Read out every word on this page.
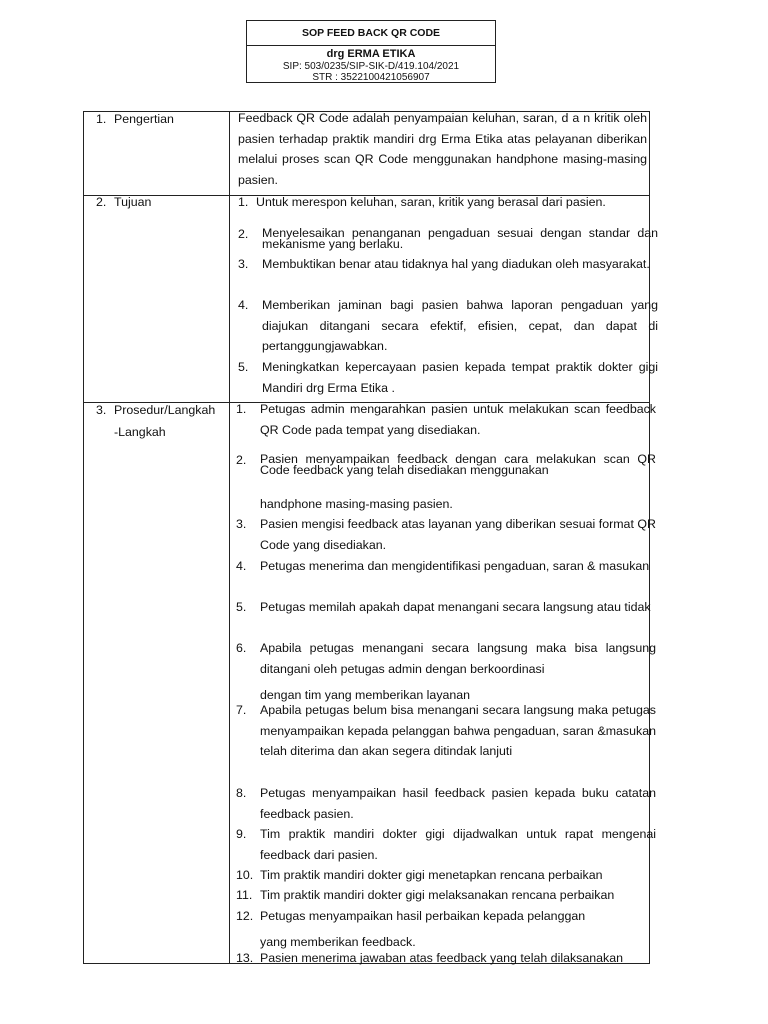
SOP FEED BACK QR CODE
drg ERMA ETIKA
SIP: 503/0235/SIP-SIK-D/419.104/2021
STR : 3522100421056907
1. Pengertian	Feedback QR Code adalah penyampaian keluhan, saran, d a n kritik oleh pasien terhadap praktik mandiri drg Erma Etika atas pelayanan diberikan melalui proses scan QR Code menggunakan handphone masing-masing pasien.
2. Tujuan	1. Untuk merespon keluhan, saran, kritik yang berasal dari pasien.
2. Menyelesaikan penanganan pengaduan sesuai dengan standar dan mekanisme yang berlaku.
3. Membuktikan benar atau tidaknya hal yang diadukan oleh masyarakat.
4. Memberikan jaminan bagi pasien bahwa laporan pengaduan yang diajukan ditangani secara efektif, efisien, cepat, dan dapat di pertanggungjawabkan.
5. Meningkatkan kepercayaan pasien kepada tempat praktik dokter gigi Mandiri drg Erma Etika .
3. Prosedur/Langkah
-Langkah
1. Petugas admin mengarahkan pasien untuk melakukan scan feedback QR Code pada tempat yang disediakan.
2. Pasien menyampaikan feedback dengan cara melakukan scan QR Code feedback yang telah disediakan menggunakan
handphone masing-masing pasien.
3. Pasien mengisi feedback atas layanan yang diberikan sesuai format QR Code yang disediakan.
4. Petugas menerima dan mengidentifikasi pengaduan, saran & masukan
5. Petugas memilah apakah dapat menangani secara langsung atau tidak
6. Apabila petugas menangani secara langsung maka bisa langsung ditangani oleh petugas admin dengan berkoordinasi
dengan tim yang memberikan layanan
7. Apabila petugas belum bisa menangani secara langsung maka petugas menyampaikan kepada pelanggan bahwa pengaduan, saran &masukan telah diterima dan akan segera ditindak lanjuti
8. Petugas menyampaikan hasil feedback pasien kepada buku catatan feedback pasien.
9. Tim praktik mandiri dokter gigi dijadwalkan untuk rapat mengenai feedback dari pasien.
10. Tim praktik mandiri dokter gigi menetapkan rencana perbaikan
11. Tim praktik mandiri dokter gigi melaksanakan rencana perbaikan
12. Petugas menyampaikan hasil perbaikan kepada pelanggan
yang memberikan feedback.
13. Pasien menerima jawaban atas feedback yang telah dilaksanakan
